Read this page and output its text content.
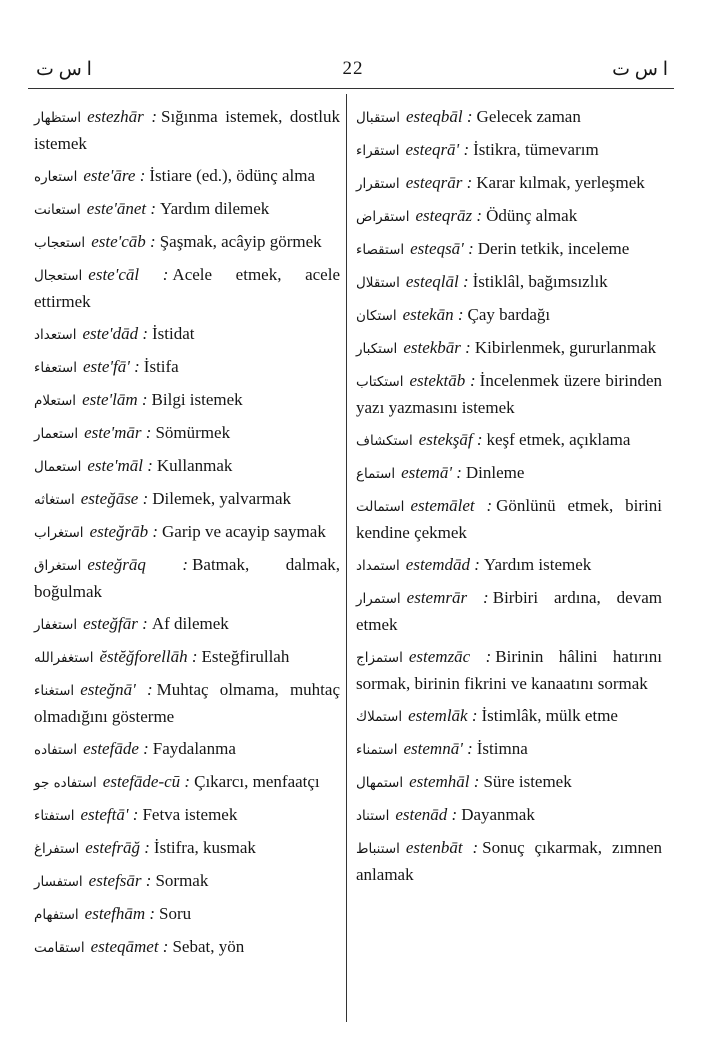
ا س ت	22	ا س ت
استظهار estezhār : Sığınma istemek, dostluk istemek
استعاره este'āre : İstiare (ed.), ödünç alma
استعانت este'ānet : Yardım dilemek
استعجاب este'cāb : Şaşmak, acâyip görmek
استعجال este'cāl : Acele etmek, acele ettirmek
استعداد este'dād : İstidat
استعفاء este'fā' : İstifa
استعلام este'lām : Bilgi istemek
استعمار este'mār : Sömürmek
استعمال este'māl : Kullanmak
استغاثه esteğāse : Dilemek, yalvarmak
استغراب esteğrāb : Garip ve acayip saymak
استغراق esteğrāq : Batmak, dalmak, boğulmak
استغفار esteğfār : Af dilemek
استغفرالله ĕstĕğforellāh : Esteğfirullah
استغناء esteğnā' : Muhtaç olmama, muhtaç olmadığını gösterme
استفاده estefāde : Faydalanma
استفاده جو estefāde-cū : Çıkarcı, menfaatçı
استفتاء esteftā' : Fetva istemek
استفراغ estefrāğ : İstifra, kusmak
استفسار estefsār : Sormak
استفهام estefhām : Soru
استقامت esteqāmet : Sebat, yön
استقبال esteqbāl : Gelecek zaman
استقراء esteqrā' : İstikra, tümevarım
استقرار esteqrār : Karar kılmak, yerleşmek
استقراض esteqrāz : Ödünç almak
استقصاء esteqsā' : Derin tetkik, inceleme
استقلال esteqlāl : İstiklâl, bağımsızlık
استكان estekān : Çay bardağı
استكبار estekbār : Kibirlenmek, gururlanmak
استكتاب estektāb : İncelenmek üzere birinden yazı yazmasını istemek
استكشاف estekşāf : keşf etmek, açıklama
استماع estemā' : Dinleme
استمالت estemālet : Gönlünü etmek, birini kendine çekmek
استمداد estemdād : Yardım istemek
استمرار estemrār : Birbiri ardına, devam etmek
استمزاج estemzāc : Birinin hâlini hatırını sormak, birinin fikrini ve kanaatını sormak
استملاك estemlāk : İstimlâk, mülk etme
استمناء estemnā' : İstimna
استمهال estemhāl : Süre istemek
استناد estenād : Dayanmak
استنباط estenbāt : Sonuç çıkarmak, zımnen anlamak
